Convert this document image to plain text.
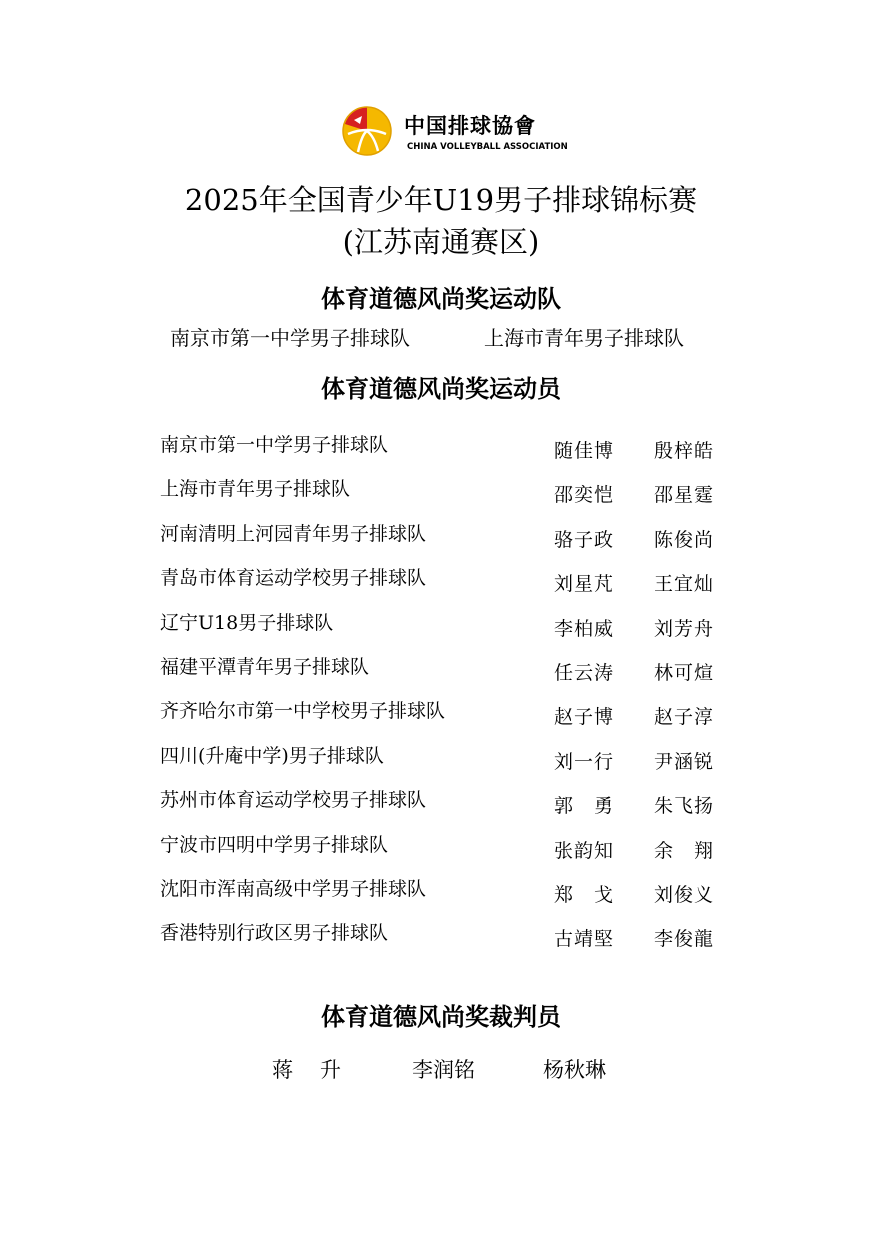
中国排球協會
CHINA VOLLEYBALL ASSOCIATION
2025年全国青少年U19男子排球锦标赛
(江苏南通赛区)
体育道德风尚奖运动队
南京市第一中学男子排球队	上海市青年男子排球队
体育道德风尚奖运动员
南京市第一中学男子排球队	随佳博 殷梓皓
上海市青年男子排球队	邵奕恺 邵星霆
河南清明上河园青年男子排球队	骆子政 陈俊尚
青岛市体育运动学校男子排球队	刘星芃 王宜灿
辽宁U18男子排球队	李柏威 刘芳舟
福建平潭青年男子排球队	任云涛 林可煊
齐齐哈尔市第一中学校男子排球队	赵子博 赵子淳
四川(升庵中学)男子排球队	刘一行 尹涵锐
苏州市体育运动学校男子排球队	郭　勇 朱飞扬
宁波市四明中学男子排球队	张韵知 余　翔
沈阳市浑南高级中学男子排球队	郑　戈 刘俊义
香港特别行政区男子排球队	古靖堅 李俊龍
体育道德风尚奖裁判员
蒋　升	李润铭	杨秋琳
